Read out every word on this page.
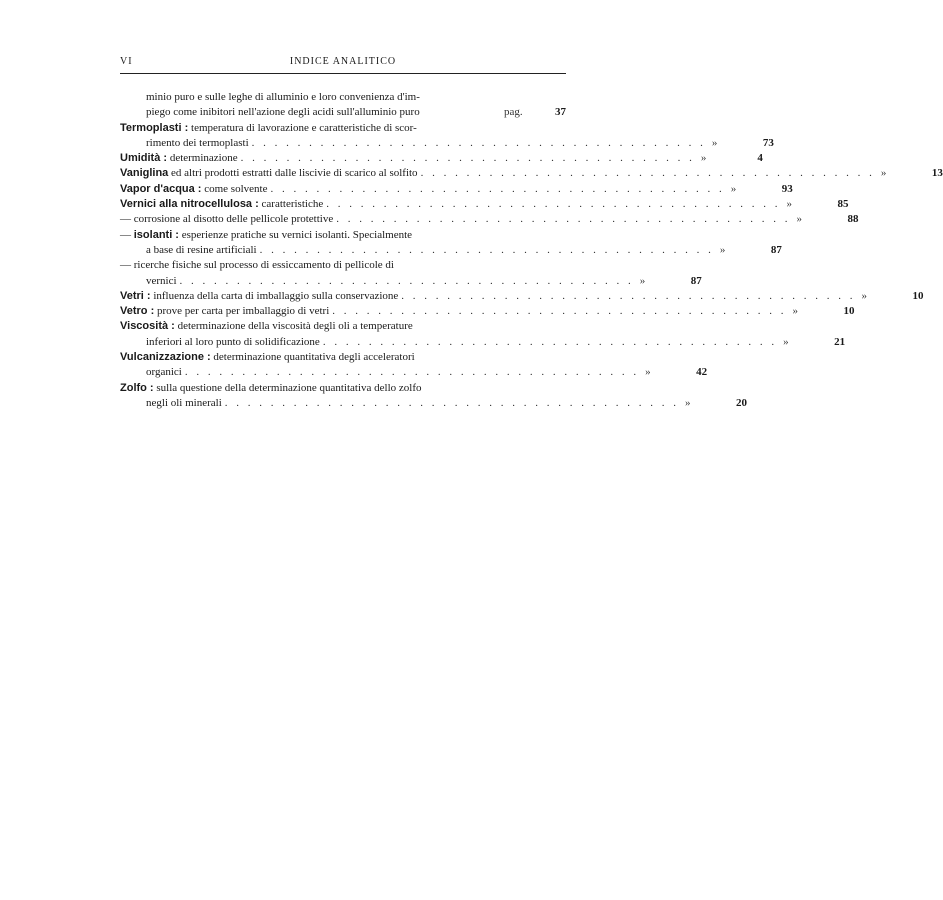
VI	INDICE ANALITICO
minio puro e sulle leghe di alluminio e loro convenienza d'im-
piego come inibitori nell'azione degli acidi sull'alluminio puro	pag.	37
Termoplasti : temperatura di lavorazione e caratteristiche di scor-
rimento dei termoplasti . . . . . . . . . . . . . . . . . . . . . . . . . . . . . . . . . . . . . . . . »	73
Umidità : determinazione . . . . . . . . . . . . . . . . . . . . . . . . . . . . . . . . . . . . . . . . »	4
Vaniglina ed altri prodotti estratti dalle liscivie di scarico al solfito . . . . . . . . . . . . . . . . . . . . . . . . . . . . . . . . . . . . . . . . »	13
Vapor d'acqua : come solvente . . . . . . . . . . . . . . . . . . . . . . . . . . . . . . . . . . . . . . . . »	93
Vernici alla nitrocellulosa : caratteristiche . . . . . . . . . . . . . . . . . . . . . . . . . . . . . . . . . . . . . . . . »	85
— corrosione al disotto delle pellicole protettive . . . . . . . . . . . . . . . . . . . . . . . . . . . . . . . . . . . . . . . . »	88
— isolanti : esperienze pratiche su vernici isolanti. Specialmente
a base di resine artificiali . . . . . . . . . . . . . . . . . . . . . . . . . . . . . . . . . . . . . . . . »	87
— ricerche fisiche sul processo di essiccamento di pellicole di
vernici . . . . . . . . . . . . . . . . . . . . . . . . . . . . . . . . . . . . . . . . »	87
Vetri : influenza della carta di imballaggio sulla conservazione . . . . . . . . . . . . . . . . . . . . . . . . . . . . . . . . . . . . . . . . »	10
Vetro : prove per carta per imballaggio di vetri . . . . . . . . . . . . . . . . . . . . . . . . . . . . . . . . . . . . . . . . »	10
Viscosità : determinazione della viscosità degli oli a temperature
inferiori al loro punto di solidificazione . . . . . . . . . . . . . . . . . . . . . . . . . . . . . . . . . . . . . . . . »	21
Vulcanizzazione : determinazione quantitativa degli acceleratori
organici . . . . . . . . . . . . . . . . . . . . . . . . . . . . . . . . . . . . . . . . »	42
Zolfo : sulla questione della determinazione quantitativa dello zolfo
negli oli minerali . . . . . . . . . . . . . . . . . . . . . . . . . . . . . . . . . . . . . . . . »	20
